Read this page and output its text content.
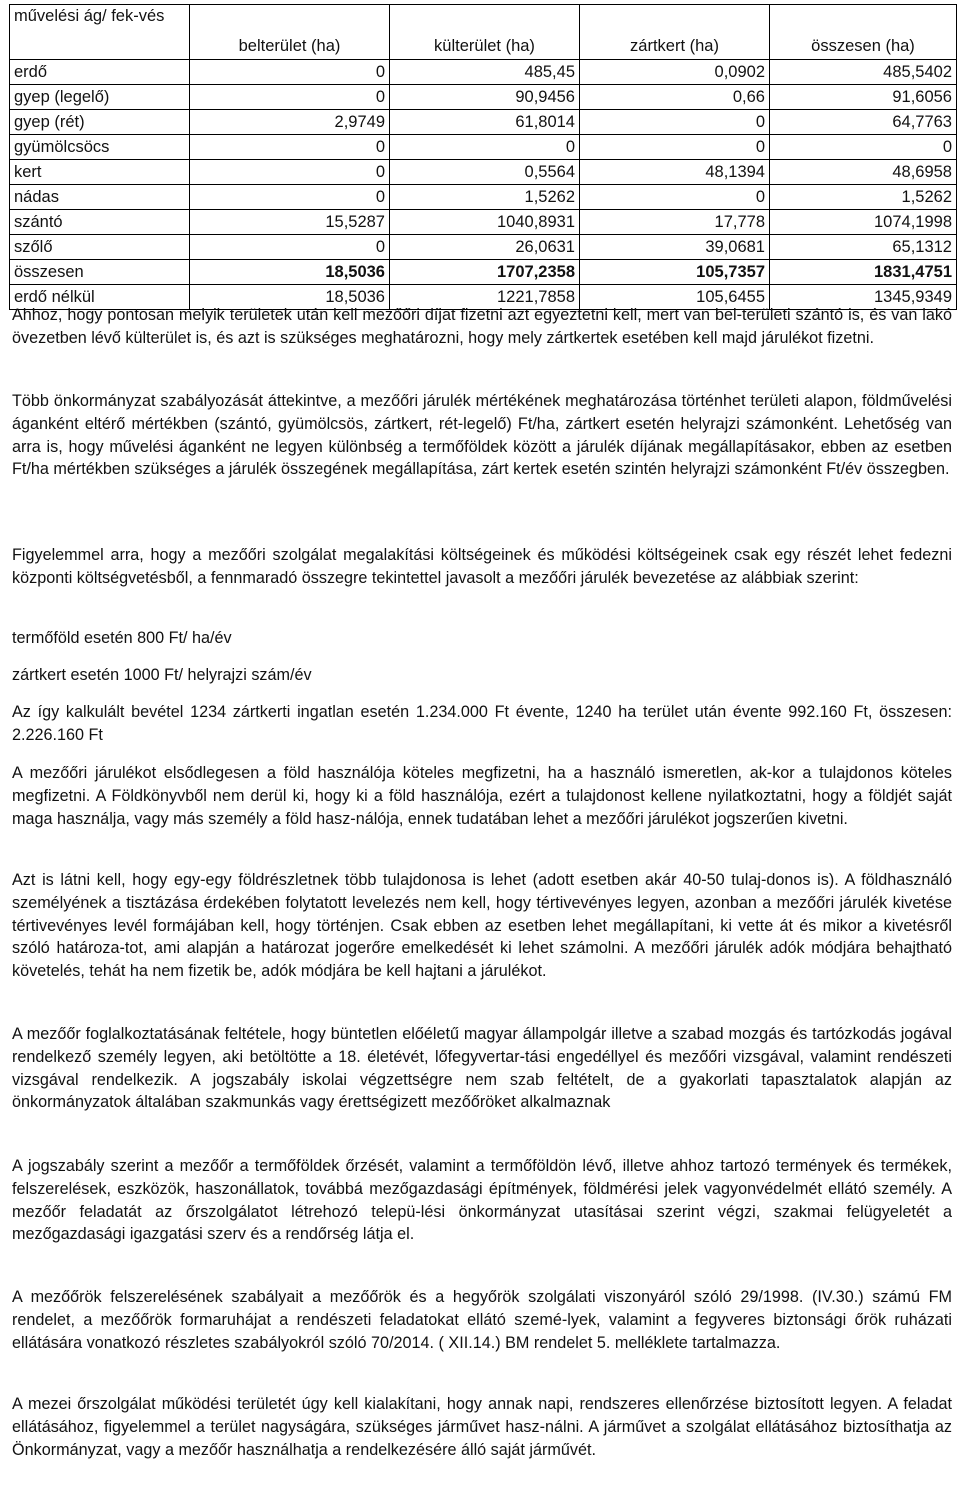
művelési ág/ fek-vés	belterület (ha)	külterület (ha)	zártkert (ha)	összesen (ha)
erdő	0	485,45	0,0902	485,5402
gyep (legelő)	0	90,9456	0,66	91,6056
gyep (rét)	2,9749	61,8014	0	64,7763
gyümölcsöcs	0	0	0	0
kert	0	0,5564	48,1394	48,6958
nádas	0	1,5262	0	1,5262
szántó	15,5287	1040,8931	17,778	1074,1998
szőlő	0	26,0631	39,0681	65,1312
összesen	18,5036	1707,2358	105,7357	1831,4751
erdő nélkül	18,5036	1221,7858	105,6455	1345,9349

Ahhoz, hogy pontosan melyik területek után kell mezőőri díjat fizetni azt egyeztetni kell, mert van bel-területi szántó is, és van lakó övezetben lévő külterület is, és azt is szükséges meghatározni, hogy mely zártkertek esetében kell majd járulékot fizetni.

Több önkormányzat szabályozását áttekintve, a mezőőri járulék mértékének meghatározása történhet területi alapon, földművelési áganként eltérő mértékben (szántó, gyümölcsös, zártkert, rét-legelő) Ft/ha, zártkert esetén helyrajzi számonként. Lehetőség van arra is, hogy művelési áganként ne legyen különbség a termőföldek között a járulék díjának megállapításakor, ebben az esetben Ft/ha mértékben szükséges a járulék összegének megállapítása, zárt kertek esetén szintén helyrajzi számonként Ft/év összegben.

Figyelemmel arra, hogy a mezőőri szolgálat megalakítási költségeinek és működési költségeinek csak egy részét lehet fedezni központi költségvetésből, a fennmaradó összegre tekintettel javasolt a mezőőri járulék bevezetése az alábbiak szerint:

termőföld esetén 800 Ft/ ha/év

zártkert esetén 1000 Ft/ helyrajzi szám/év

Az így kalkulált bevétel 1234 zártkerti ingatlan esetén 1.234.000 Ft évente, 1240 ha terület után évente 992.160 Ft, összesen: 2.226.160 Ft

A mezőőri járulékot elsődlegesen a föld használója köteles megfizetni, ha a használó ismeretlen, ak-kor a tulajdonos köteles megfizetni. A Földkönyvből nem derül ki, hogy ki a föld használója, ezért a tulajdonost kellene nyilatkoztatni, hogy a földjét saját maga használja, vagy más személy a föld hasz-nálója, ennek tudatában lehet a mezőőri járulékot jogszerűen kivetni.

Azt is látni kell, hogy egy-egy földrészletnek több tulajdonosa is lehet (adott esetben akár 40-50 tulaj-donos is). A földhasználó személyének a tisztázása érdekében folytatott levelezés nem kell, hogy tértivevényes legyen, azonban a mezőőri járulék kivetése tértivevényes levél formájában kell, hogy történjen. Csak ebben az esetben lehet megállapítani, ki vette át és mikor a kivetésről szóló határoza-tot, ami alapján a határozat jogerőre emelkedését ki lehet számolni. A mezőőri járulék adók módjára behajtható követelés, tehát ha nem fizetik be, adók módjára be kell hajtani a járulékot.

A mezőőr foglalkoztatásának feltétele, hogy büntetlen előéletű magyar állampolgár illetve a szabad mozgás és tartózkodás jogával rendelkező személy legyen, aki betöltötte a 18. életévét, lőfegyvertar-tási engedéllyel és mezőőri vizsgával, valamint rendészeti vizsgával rendelkezik. A jogszabály iskolai végzettségre nem szab feltételt, de a gyakorlati tapasztalatok alapján az önkormányzatok általában szakmunkás vagy érettségizett mezőőröket alkalmaznak

A jogszabály szerint a mezőőr a termőföldek őrzését, valamint a termőföldön lévő, illetve ahhoz tartozó termények és termékek, felszerelések, eszközök, haszonállatok, továbbá mezőgazdasági építmények, földmérési jelek vagyonvédelmét ellátó személy. A mezőőr feladatát az őrszolgálatot létrehozó telepü-lési önkormányzat utasításai szerint végzi, szakmai felügyeletét a mezőgazdasági igazgatási szerv és a rendőrség látja el.

A mezőőrök felszerelésének szabályait a mezőőrök és a hegyőrök szolgálati viszonyáról szóló 29/1998. (IV.30.) számú FM rendelet, a mezőőrök formaruhájat a rendészeti feladatokat ellátó szemé-lyek, valamint a fegyveres biztonsági őrök ruházati ellátására vonatkozó részletes szabályokról szóló 70/2014. ( XII.14.) BM rendelet 5. melléklete tartalmazza.

A mezei őrszolgálat működési területét úgy kell kialakítani, hogy annak napi, rendszeres ellenőrzése biztosított legyen. A feladat ellátásához, figyelemmel a terület nagyságára, szükséges járművet hasz-nálni. A járművet a szolgálat ellátásához biztosíthatja az Önkormányzat, vagy a mezőőr használhatja a rendelkezésére álló saját járművét.
